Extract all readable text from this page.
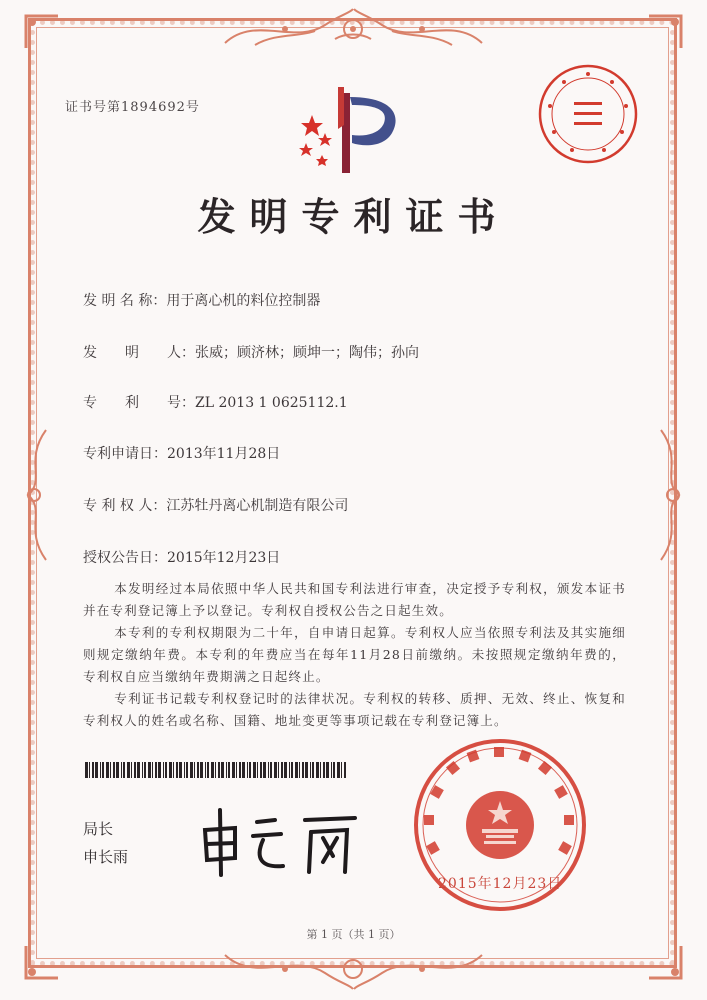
证书号第1894692号
发明专利证书
发 明 名 称：用于离心机的料位控制器
发　　明　　人：张威；顾济林；顾坤一；陶伟；孙向
专　　利　　号：ZL 2013 1 0625112.1
专利申请日：2013年11月28日
专 利 权 人：江苏牡丹离心机制造有限公司
授权公告日：2015年12月23日

本发明经过本局依照中华人民共和国专利法进行审查，决定授予专利权，颁发本证书并在专利登记簿上予以登记。专利权自授权公告之日起生效。

本专利的专利权期限为二十年，自申请日起算。专利权人应当依照专利法及其实施细则规定缴纳年费。本专利的年费应当在每年11月28日前缴纳。未按照规定缴纳年费的，专利权自应当缴纳年费期满之日起终止。

专利证书记载专利权登记时的法律状况。专利权的转移、质押、无效、终止、恢复和专利权人的姓名或名称、国籍、地址变更等事项记载在专利登记簿上。

局长
申长雨
2015年12月23日
第 1 页（共 1 页）
